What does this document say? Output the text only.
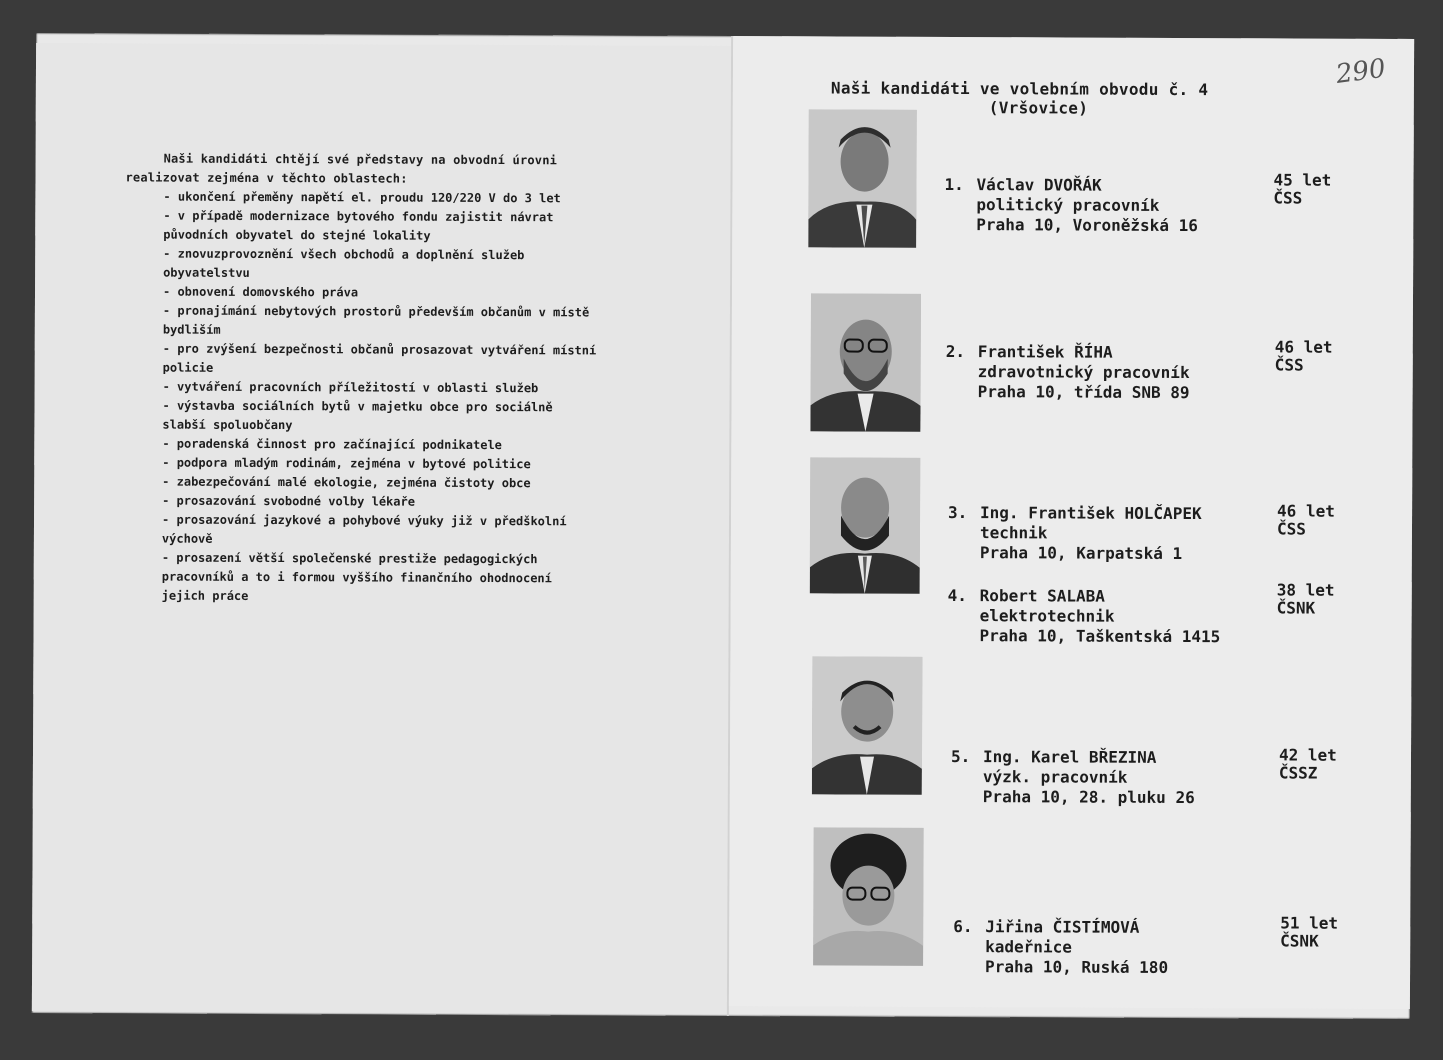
Naši kandidáti chtějí své představy na obvodní úrovni
realizovat zejména v těchto oblastech:
- ukončení přeměny napětí el. proudu 120/220 V do 3 let
- v případě modernizace bytového fondu zajistit návrat
původních obyvatel do stejné lokality
- znovuzprovoznění všech obchodů a doplnění služeb
obyvatelstvu
- obnovení domovského práva
- pronajímání nebytových prostorů především občanům v místě
bydliším
- pro zvýšení bezpečnosti občanů prosazovat vytváření místní
policie
- vytváření pracovních příležitostí v oblasti služeb
- výstavba sociálních bytů v majetku obce pro sociálně
slabší spoluobčany
- poradenská činnost pro začínající podnikatele
- podpora mladým rodinám, zejména v bytové politice
- zabezpečování malé ekologie, zejména čistoty obce
- prosazování svobodné volby lékaře
- prosazování jazykové a pohybové výuky již v předškolní
výchově
- prosazení větší společenské prestiže pedagogických
pracovníků a to i formou vyššího finančního ohodnocení
jejich práce
290
Naši kandidáti ve volebním obvodu č. 4
(Vršovice)
1. Václav DVOŘÁK
politický pracovník
Praha 10, Voroněžská 16
45 let
ČSS
2. František ŘÍHA
zdravotnický pracovník
Praha 10, třída SNB 89
46 let
ČSS
3. Ing. František HOLČAPEK
technik
Praha 10, Karpatská 1
46 let
ČSS
4. Robert SALABA
elektrotechnik
Praha 10, Taškentská 1415
38 let
ČSNK
5. Ing. Karel BŘEZINA
výzk. pracovník
Praha 10, 28. pluku 26
42 let
ČSSZ
6. Jiřina ČISTÍMOVÁ
kadeřnice
Praha 10, Ruská 180
51 let
ČSNK
